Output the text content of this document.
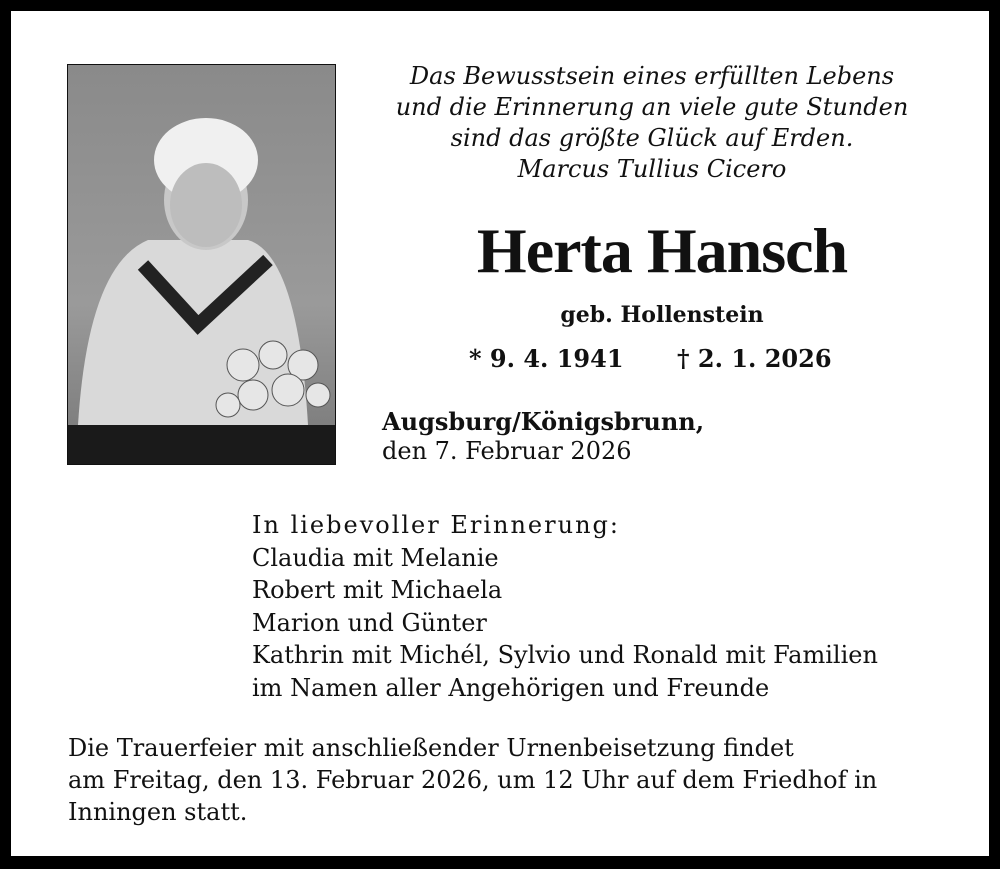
Das Bewusstsein eines erfüllten Lebens
und die Erinnerung an viele gute Stunden
sind das größte Glück auf Erden.
Marcus Tullius Cicero
Herta Hansch
geb. Hollenstein
* 9. 4. 1941 † 2. 1. 2026
Augsburg/Königsbrunn,
den 7. Februar 2026
In liebevoller Erinnerung:
Claudia mit Melanie
Robert mit Michaela
Marion und Günter
Kathrin mit Michél, Sylvio und Ronald mit Familien
im Namen aller Angehörigen und Freunde
Die Trauerfeier mit anschließender Urnenbeisetzung findet
am Freitag, den 13. Februar 2026, um 12 Uhr auf dem Friedhof in
Inningen statt.
